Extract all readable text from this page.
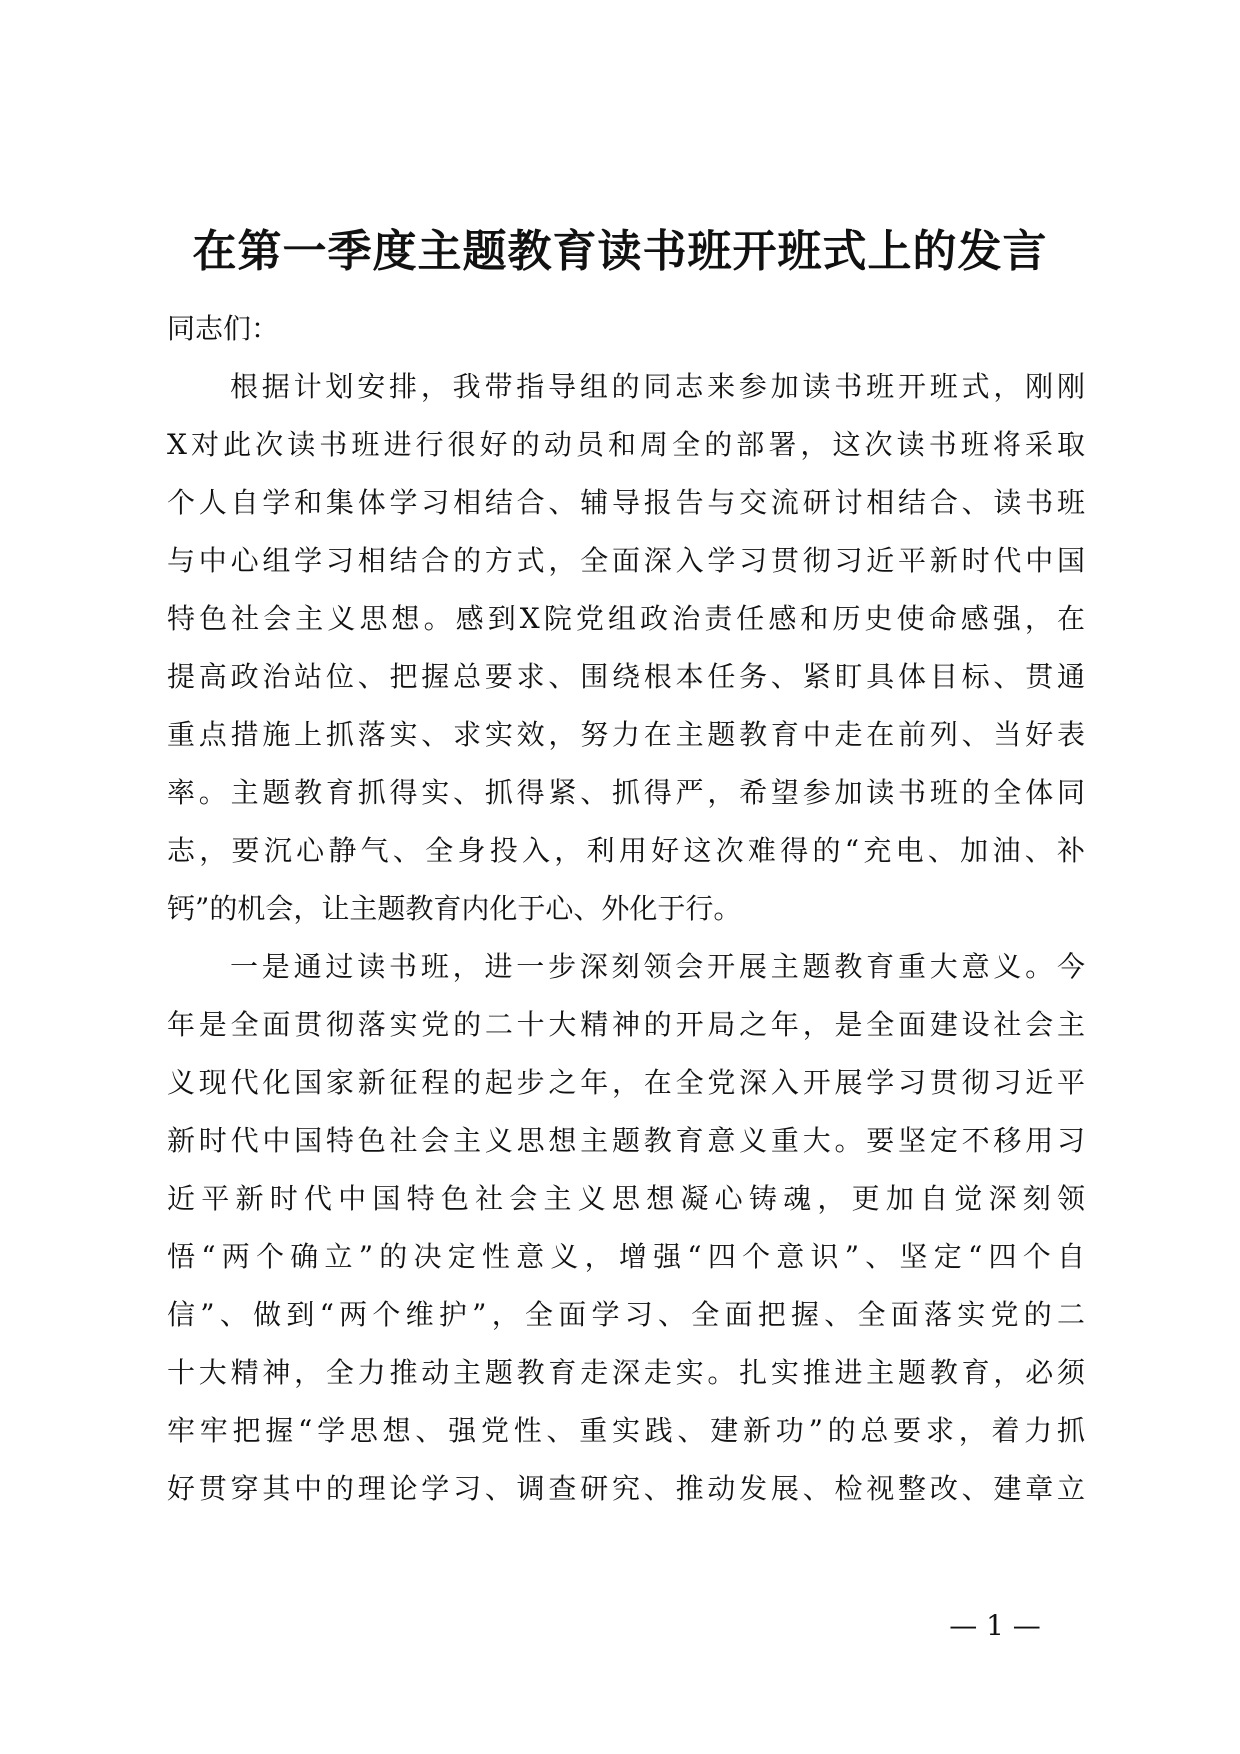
在第一季度主题教育读书班开班式上的发言

同志们：

根据计划安排，我带指导组的同志来参加读书班开班式，刚刚

X对此次读书班进行很好的动员和周全的部署，这次读书班将采取

个人自学和集体学习相结合、辅导报告与交流研讨相结合、读书班

与中心组学习相结合的方式，全面深入学习贯彻习近平新时代中国

特色社会主义思想。感到X院党组政治责任感和历史使命感强，在

提高政治站位、把握总要求、围绕根本任务、紧盯具体目标、贯通

重点措施上抓落实、求实效，努力在主题教育中走在前列、当好表

率。主题教育抓得实、抓得紧、抓得严，希望参加读书班的全体同

志，要沉心静气、全身投入，利用好这次难得的“充电、加油、补

钙”的机会，让主题教育内化于心、外化于行。

一是通过读书班，进一步深刻领会开展主题教育重大意义。今

年是全面贯彻落实党的二十大精神的开局之年，是全面建设社会主

义现代化国家新征程的起步之年，在全党深入开展学习贯彻习近平

新时代中国特色社会主义思想主题教育意义重大。要坚定不移用习

近平新时代中国特色社会主义思想凝心铸魂，更加自觉深刻领

悟“两个确立”的决定性意义，增强“四个意识”、坚定“四个自

信”、做到“两个维护”，全面学习、全面把握、全面落实党的二

十大精神，全力推动主题教育走深走实。扎实推进主题教育，必须

牢牢把握“学思想、强党性、重实践、建新功”的总要求，着力抓

好贯穿其中的理论学习、调查研究、推动发展、检视整改、建章立

— 1 —
